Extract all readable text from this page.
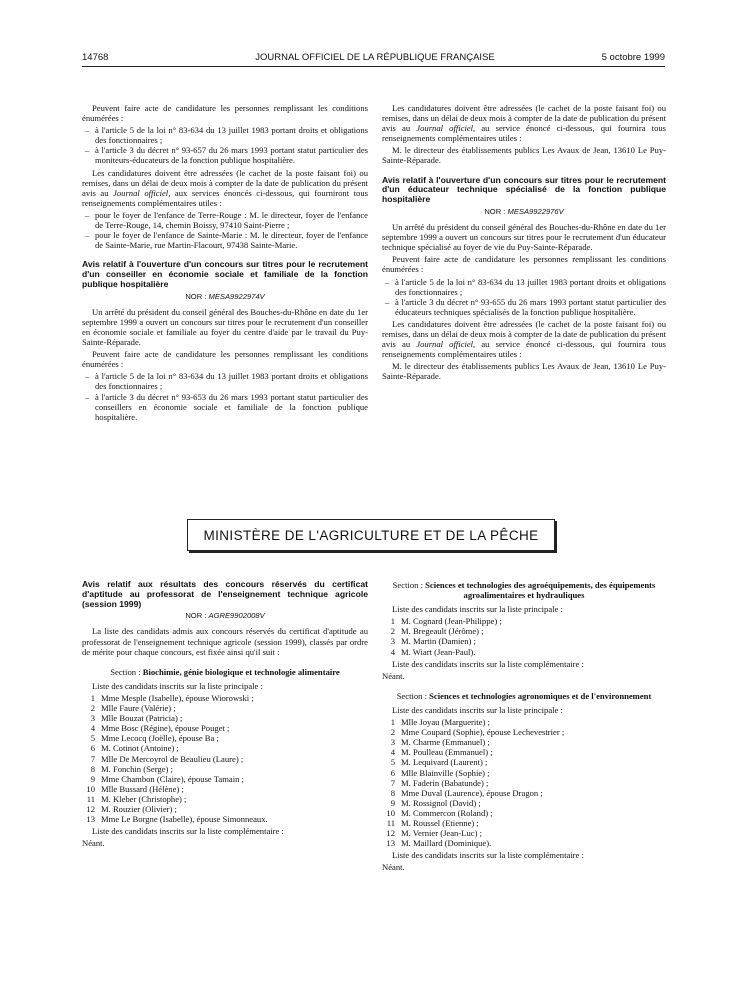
14768	JOURNAL OFFICIEL DE LA RÉPUBLIQUE FRANÇAISE	5 octobre 1999

Peuvent faire acte de candidature les personnes remplissant les conditions énumérées :

– à l'article 5 de la loi n° 83-634 du 13 juillet 1983 portant droits et obligations des fonctionnaires ;
– à l'article 3 du décret n° 93-657 du 26 mars 1993 portant statut particulier des moniteurs-éducateurs de la fonction publique hospitalière.

Les candidatures doivent être adressées (le cachet de la poste faisant foi) ou remises, dans un délai de deux mois à compter de la date de publication du présent avis au Journal officiel, aux services énoncés ci-dessous, qui fourniront tous renseignements complémentaires utiles :

– pour le foyer de l'enfance de Terre-Rouge : M. le directeur, foyer de l'enfance de Terre-Rouge, 14, chemin Boissy, 97410 Saint-Pierre ;
– pour le foyer de l'enfance de Sainte-Marie : M. le directeur, foyer de l'enfance de Sainte-Marie, rue Martin-Flacourt, 97438 Sainte-Marie.
Avis relatif à l'ouverture d'un concours sur titres pour le recrutement d'un conseiller en économie sociale et familiale de la fonction publique hospitalière
NOR : MESA9922974V

Un arrêté du président du conseil général des Bouches-du-Rhône en date du 1er septembre 1999 a ouvert un concours sur titres pour le recrutement d'un conseiller en économie sociale et familiale au foyer du centre d'aide par le travail du Puy-Sainte-Réparade.

Peuvent faire acte de candidature les personnes remplissant les conditions énumérées :

– à l'article 5 de la loi n° 83-634 du 13 juillet 1983 portant droits et obligations des fonctionnaires ;
– à l'article 3 du décret n° 93-653 du 26 mars 1993 portant statut particulier des conseillers en économie sociale et familiale de la fonction publique hospitalière.

Les candidatures doivent être adressées (le cachet de la poste faisant foi) ou remises, dans un délai de deux mois à compter de la date de publication du présent avis au Journal officiel, au service énoncé ci-dessous, qui fournira tous renseignements complémentaires utiles :

M. le directeur des établissements publics Les Avaux de Jean, 13610 Le Puy-Sainte-Réparade.

Avis relatif à l'ouverture d'un concours sur titres pour le recrutement d'un éducateur technique spécialisé de la fonction publique hospitalière
NOR : MESA9922976V

Un arrêté du président du conseil général des Bouches-du-Rhône en date du 1er septembre 1999 a ouvert un concours sur titres pour le recrutement d'un éducateur technique spécialisé au foyer de vie du Puy-Sainte-Réparade.

Peuvent faire acte de candidature les personnes remplissant les conditions énumérées :

– à l'article 5 de la loi n° 83-634 du 13 juillet 1983 portant droits et obligations des fonctionnaires ;
– à l'article 3 du décret n° 93-655 du 26 mars 1993 portant statut particulier des éducateurs techniques spécialisés de la fonction publique hospitalière.

Les candidatures doivent être adressées (le cachet de la poste faisant foi) ou remises, dans un délai de deux mois à compter de la date de publication du présent avis au Journal officiel, au service énoncé ci-dessous, qui fournira tous renseignements complémentaires utiles :

M. le directeur des établissements publics Les Avaux de Jean, 13610 Le Puy-Sainte-Réparade.

MINISTÈRE DE L'AGRICULTURE ET DE LA PÊCHE
Avis relatif aux résultats des concours réservés du certificat d'aptitude au professorat de l'enseignement technique agricole (session 1999)
NOR : AGRE9902008V

La liste des candidats admis aux concours réservés du certificat d'aptitude au professorat de l'enseignement technique agricole (session 1999), classés par ordre de mérite pour chaque concours, est fixée ainsi qu'il suit :

Section : Biochimie, génie biologique et technologie alimentaire

Liste des candidats inscrits sur la liste principale :

1 Mme Mesple (Isabelle), épouse Wiorowski ;
2 Mlle Faure (Valérie) ;
3 Mlle Bouzat (Patricia) ;
4 Mme Bosc (Régine), épouse Pouget ;
5 Mme Lecocq (Joëlle), épouse Ba ;
6 M. Cotinot (Antoine) ;
7 Mlle De Mercoyrol de Beaulieu (Laure) ;
8 M. Fonchin (Serge) ;
9 Mme Chambon (Claire), épouse Tamain ;
10 Mlle Bussard (Hélène) ;
11 M. Kleber (Christophe) ;
12 M. Rouzier (Olivier) ;
13 Mme Le Borgne (Isabelle), épouse Simonneaux.

Liste des candidats inscrits sur la liste complémentaire :

Néant.

Section : Sciences et technologies des agroéquipements, des équipements agroalimentaires et hydrauliques

Liste des candidats inscrits sur la liste principale :

1 M. Cognard (Jean-Philippe) ;
2 M. Bregeault (Jérôme) ;
3 M. Martin (Damien) ;
4 M. Wiart (Jean-Paul).

Liste des candidats inscrits sur la liste complémentaire :

Néant.

Section : Sciences et technologies agronomiques et de l'environnement

Liste des candidats inscrits sur la liste principale :

1 Mlle Joyau (Marguerite) ;
2 Mme Coupard (Sophie), épouse Lechevestrier ;
3 M. Charme (Emmanuel) ;
4 M. Poulleau (Emmanuel) ;
5 M. Lequivard (Laurent) ;
6 Mlle Blainville (Sophie) ;
7 M. Faderin (Babatunde) ;
8 Mme Duval (Laurence), épouse Dragon ;
9 M. Rossignol (David) ;
10 M. Commercon (Roland) ;
11 M. Roussel (Etienne) ;
12 M. Vernier (Jean-Luc) ;
13 M. Maillard (Dominique).

Liste des candidats inscrits sur la liste complémentaire :

Néant.
